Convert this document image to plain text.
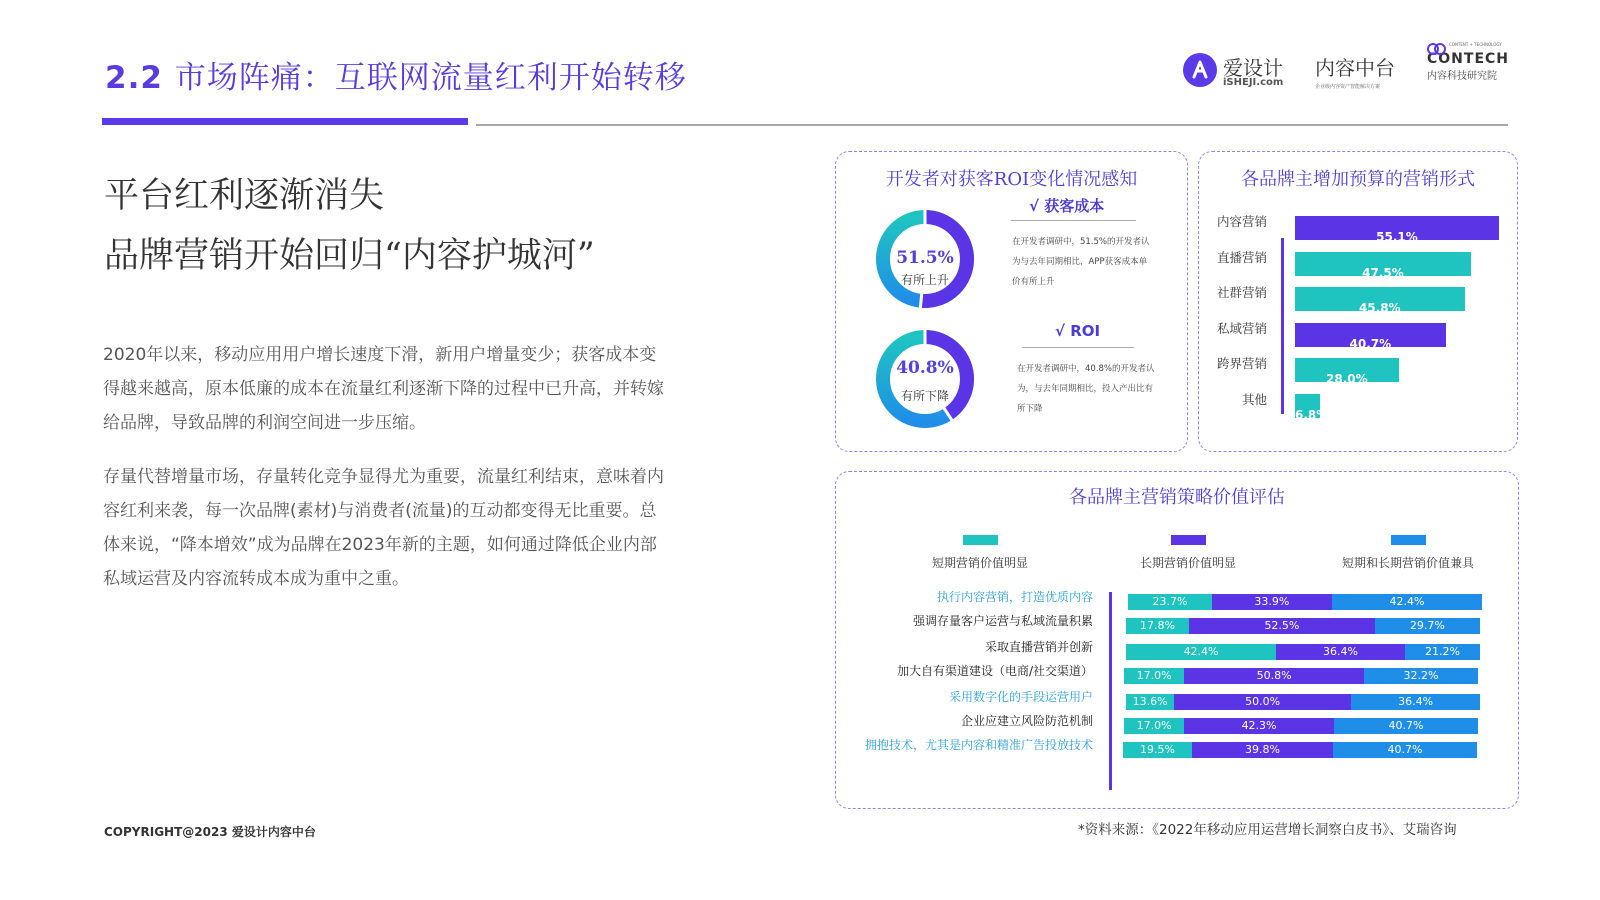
2.2 市场阵痛：互联网流量红利开始转移	爱设计
iSHEJI.com
内容中台
企业级内容资产智能解决方案
CONTENT + TECHNOLOGY
CONTECH
内容科技研究院
平台红利逐渐消失
品牌营销开始回归“内容护城河”
2020年以来，移动应用用户增长速度下滑，新用户增量变少；获客成本变得越来越高，原本低廉的成本在流量红利逐渐下降的过程中已升高，并转嫁给品牌，导致品牌的利润空间进一步压缩。
存量代替增量市场，存量转化竞争显得尤为重要，流量红利结束，意味着内容红利来袭，每一次品牌(素材)与消费者(流量)的互动都变得无比重要。总体来说，“降本增效”成为品牌在2023年新的主题，如何通过降低企业内部私域运营及内容流转成本成为重中之重。
COPYRIGHT@2023 爱设计内容中台	*资料来源：《2022年移动应用运营增长洞察白皮书》、艾瑞咨询
开发者对获客ROI变化情况感知
51.5%
有所上升
√ 获客成本
在开发者调研中，51.5%的开发者认为与去年同期相比，APP获客成本单价有所上升
40.8%
有所下降
√ ROI
在开发者调研中，40.8%的开发者认为，与去年同期相比，投入产出比有所下降
各品牌主增加预算的营销形式
内容营销
55.1%
直播营销
47.5%
社群营销
45.8%
私域营销
40.7%
跨界营销
28.0%
其他
6.8%
各品牌主营销策略价值评估
短期营销价值明显	长期营销价值明显	短期和长期营销价值兼具
执行内容营销，打造优质内容	23.7%	33.9%	42.4%
强调存量客户运营与私域流量积累	17.8%	52.5%	29.7%
采取直播营销并创新	42.4%	36.4%	21.2%
加大自有渠道建设（电商/社交渠道）	17.0%	50.8%	32.2%
采用数字化的手段运营用户	13.6%	50.0%	36.4%
企业应建立风险防范机制	17.0%	42.3%	40.7%
拥抱技术，尤其是内容和精准广告投放技术	19.5%	39.8%	40.7%
